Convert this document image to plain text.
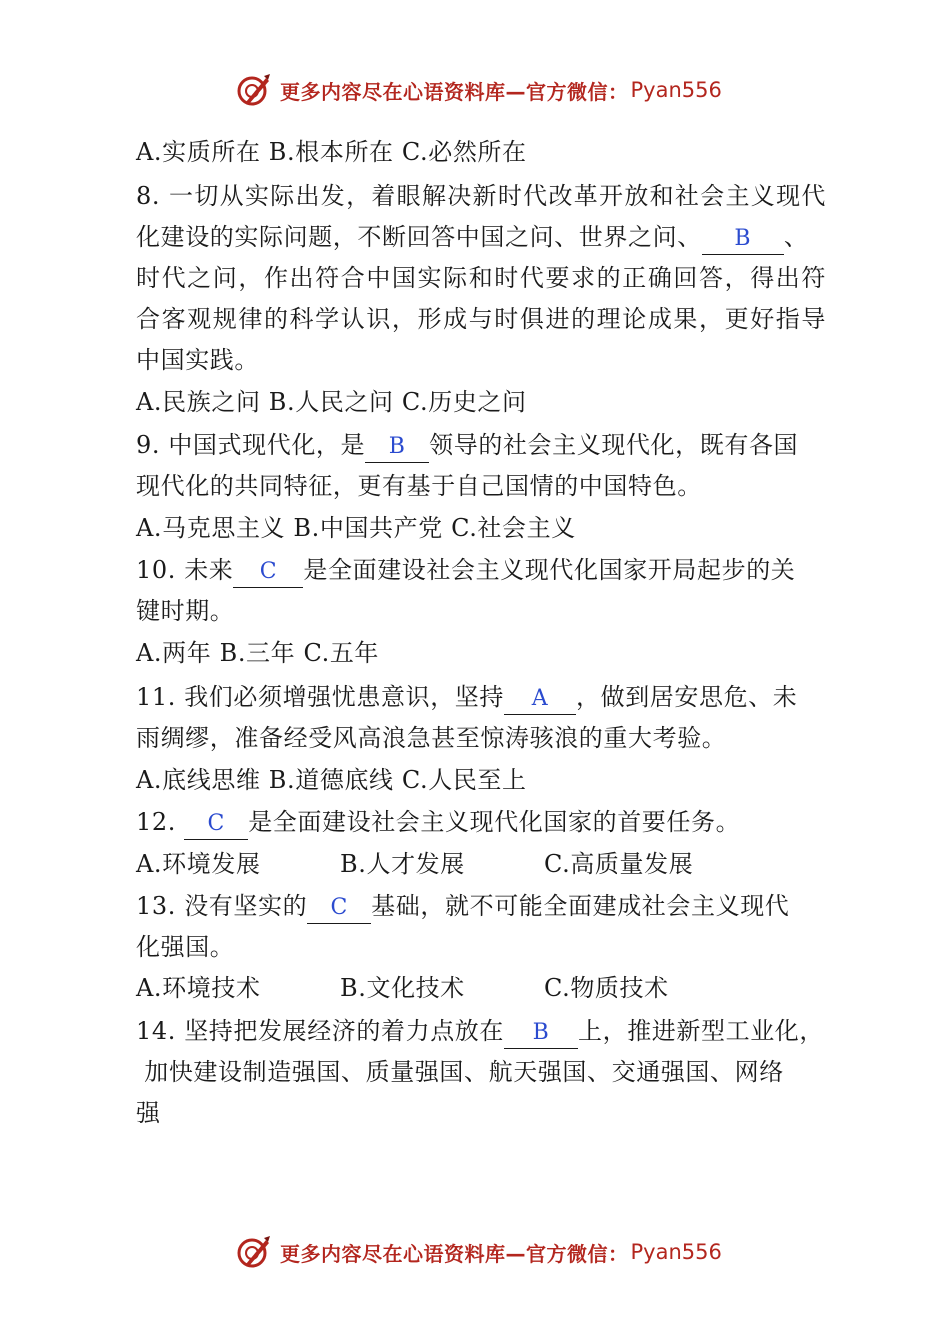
更多内容尽在心语资料库—官方微信： Pyan556
A.实质所在 B.根本所在 C.必然所在
8. 一切从实际出发，着眼解决新时代改革开放和社会主义现代
化建设的实际问题，不断回答中国之问、世界之问、 B 、
时代之问，作出符合中国实际和时代要求的正确回答，得出符
合客观规律的科学认识，形成与时俱进的理论成果，更好指导
中国实践。
A.民族之问 B.人民之问 C.历史之问
9. 中国式现代化，是 B 领导的社会主义现代化，既有各国
现代化的共同特征，更有基于自己国情的中国特色。
A.马克思主义 B.中国共产党 C.社会主义
10. 未来 C 是全面建设社会主义现代化国家开局起步的关
键时期。
A.两年 B.三年 C.五年
11. 我们必须增强忧患意识，坚持 A ，做到居安思危、未
雨绸缪，准备经受风高浪急甚至惊涛骇浪的重大考验。
A.底线思维 B.道德底线 C.人民至上
12. C 是全面建设社会主义现代化国家的首要任务。
A.环境发展	B.人才发展	C.高质量发展
13. 没有坚实的 C 基础，就不可能全面建成社会主义现代
化强国。
A.环境技术	B.文化技术	C.物质技术
14. 坚持把发展经济的着力点放在 B 上，推进新型工业化，
加快建设制造强国、质量强国、航天强国、交通强国、网络
强
更多内容尽在心语资料库—官方微信： Pyan556
